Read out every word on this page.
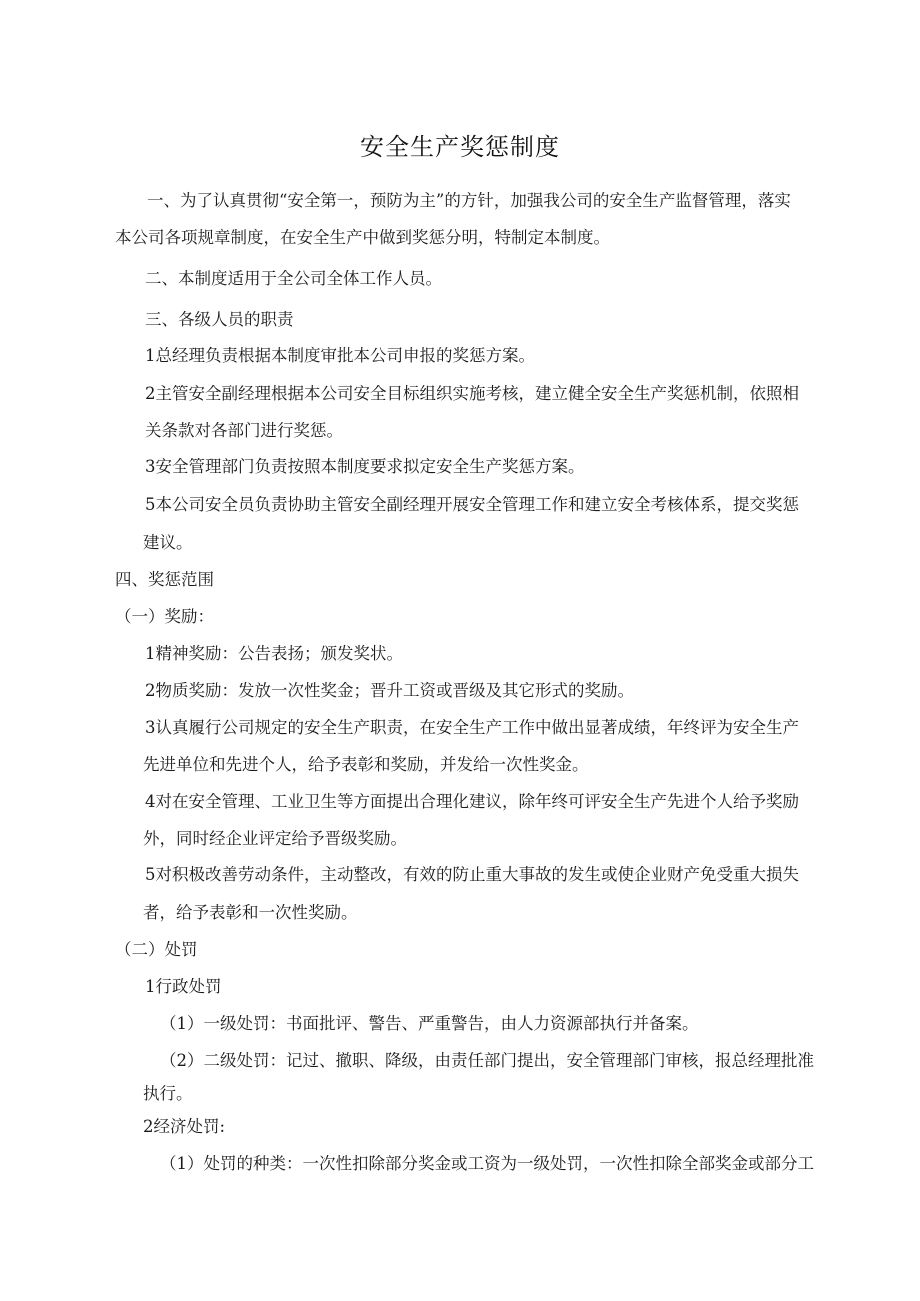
安全生产奖惩制度
一、为了认真贯彻“安全第一，预防为主”的方针，加强我公司的安全生产监督管理，落实
本公司各项规章制度，在安全生产中做到奖惩分明，特制定本制度。
二、本制度适用于全公司全体工作人员。
三、各级人员的职责
1总经理负责根据本制度审批本公司申报的奖惩方案。
2主管安全副经理根据本公司安全目标组织实施考核，建立健全安全生产奖惩机制，依照相
关条款对各部门进行奖惩。
3安全管理部门负责按照本制度要求拟定安全生产奖惩方案。
5本公司安全员负责协助主管安全副经理开展安全管理工作和建立安全考核体系，提交奖惩
建议。
四、奖惩范围
（一）奖励：
1精神奖励：公告表扬；颁发奖状。
2物质奖励：发放一次性奖金；晋升工资或晋级及其它形式的奖励。
3认真履行公司规定的安全生产职责，在安全生产工作中做出显著成绩，年终评为安全生产
先进单位和先进个人，给予表彰和奖励，并发给一次性奖金。
4对在安全管理、工业卫生等方面提出合理化建议，除年终可评安全生产先进个人给予奖励
外，同时经企业评定给予晋级奖励。
5对积极改善劳动条件，主动整改，有效的防止重大事故的发生或使企业财产免受重大损失
者，给予表彰和一次性奖励。
（二）处罚
1行政处罚
（1）一级处罚：书面批评、警告、严重警告，由人力资源部执行并备案。
（2）二级处罚：记过、撤职、降级，由责任部门提出，安全管理部门审核，报总经理批准
执行。
2经济处罚:
（1）处罚的种类：一次性扣除部分奖金或工资为一级处罚，一次性扣除全部奖金或部分工
